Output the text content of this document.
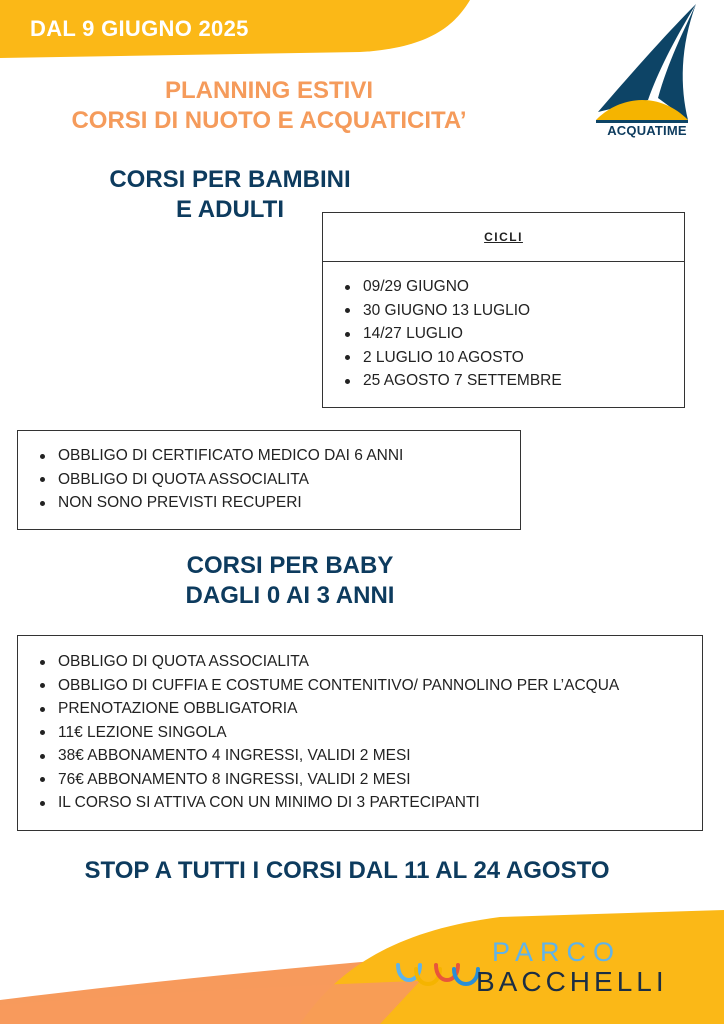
DAL 9 GIUGNO 2025
ACQUATIME
PLANNING ESTIVI
CORSI DI NUOTO E ACQUATICITA’
CORSI PER BAMBINI
E ADULTI
CICLI
09/29 GIUGNO
30 GIUGNO 13 LUGLIO
14/27 LUGLIO
2 LUGLIO 10 AGOSTO
25 AGOSTO 7 SETTEMBRE
OBBLIGO DI CERTIFICATO MEDICO DAI 6 ANNI
OBBLIGO DI QUOTA ASSOCIALITA
NON SONO PREVISTI RECUPERI
CORSI PER BABY
DAGLI 0 AI 3 ANNI
OBBLIGO DI QUOTA ASSOCIALITA
OBBLIGO DI CUFFIA E COSTUME CONTENITIVO/ PANNOLINO PER L’ACQUA
PRENOTAZIONE OBBLIGATORIA
11€ LEZIONE SINGOLA
38€ ABBONAMENTO 4 INGRESSI, VALIDI 2 MESI
76€ ABBONAMENTO 8 INGRESSI, VALIDI 2 MESI
IL CORSO SI ATTIVA CON UN MINIMO DI 3 PARTECIPANTI
STOP A TUTTI I CORSI DAL 11 AL 24 AGOSTO
PARCO
BACCHELLI
